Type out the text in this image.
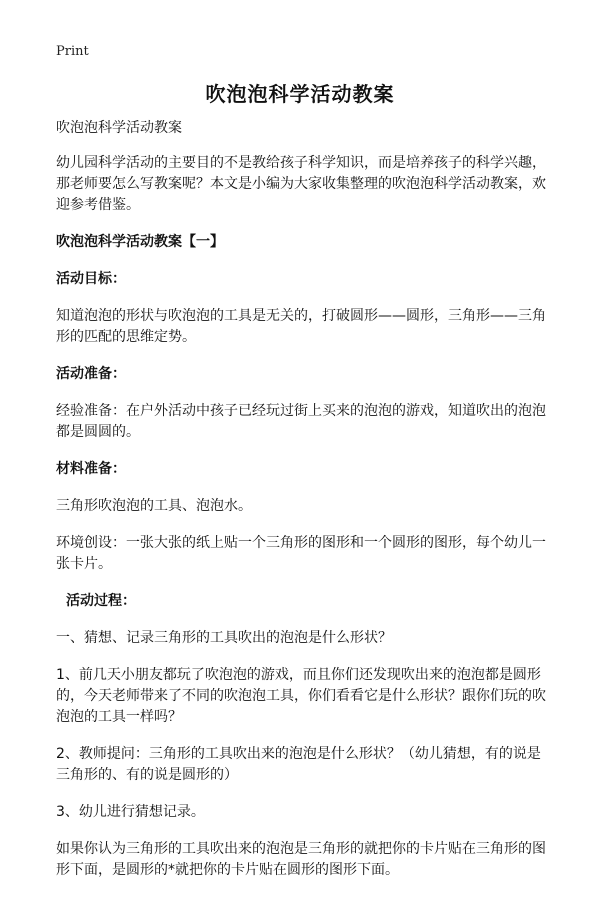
Print
吹泡泡科学活动教案
吹泡泡科学活动教案
幼儿园科学活动的主要目的不是教给孩子科学知识，而是培养孩子的科学兴趣，那老师要怎么写教案呢？本文是小编为大家收集整理的吹泡泡科学活动教案，欢迎参考借鉴。
吹泡泡科学活动教案【一】
活动目标：
知道泡泡的形状与吹泡泡的工具是无关的，打破圆形——圆形，三角形——三角形的匹配的思维定势。
活动准备：
经验准备：在户外活动中孩子已经玩过街上买来的泡泡的游戏，知道吹出的泡泡都是圆圆的。
材料准备：
三角形吹泡泡的工具、泡泡水。
环境创设：一张大张的纸上贴一个三角形的图形和一个圆形的图形，每个幼儿一张卡片。
活动过程：
一、猜想、记录三角形的工具吹出的泡泡是什么形状？
1、前几天小朋友都玩了吹泡泡的游戏，而且你们还发现吹出来的泡泡都是圆形的，今天老师带来了不同的吹泡泡工具，你们看看它是什么形状？跟你们玩的吹泡泡的工具一样吗？
2、教师提问：三角形的工具吹出来的泡泡是什么形状？（幼儿猜想，有的说是三角形的、有的说是圆形的）
3、幼儿进行猜想记录。
如果你认为三角形的工具吹出来的泡泡是三角形的就把你的卡片贴在三角形的图形下面，是圆形的*就把你的卡片贴在圆形的图形下面。
